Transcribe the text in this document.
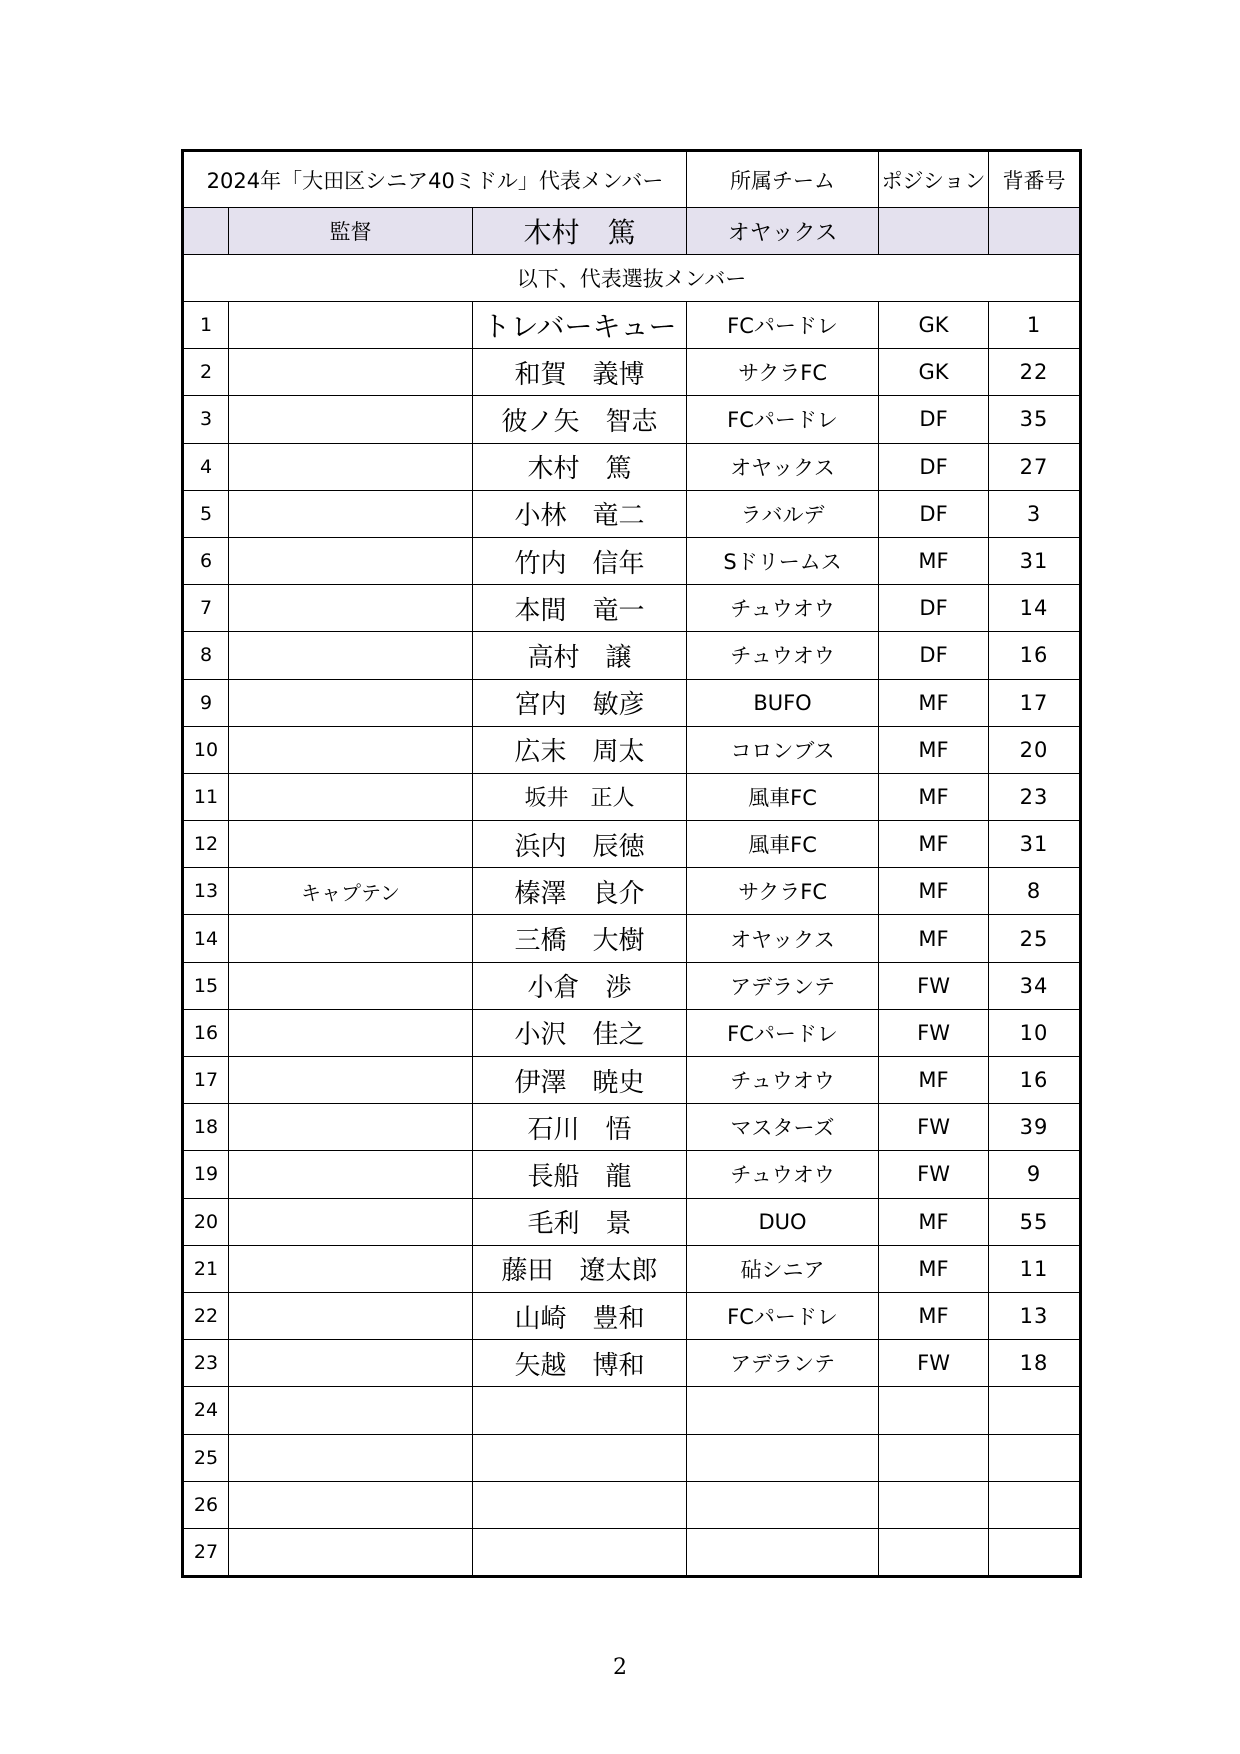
2024年「大田区シニア40ミドル」代表メンバー			所属チーム	ポジション	背番号
	監督	木村　篤	オヤックス		
以下、代表選抜メンバー					
1		トレバーキュー	FCパードレ	GK	1
2		和賀　義博	サクラFC	GK	22
3		彼ノ矢　智志	FCパードレ	DF	35
4		木村　篤	オヤックス	DF	27
5		小林　竜二	ラバルデ	DF	3
6		竹内　信年	Sドリームス	MF	31
7		本間　竜一	チュウオウ	DF	14
8		高村　譲	チュウオウ	DF	16
9		宮内　敏彦	BUFO	MF	17
10		広末　周太	コロンブス	MF	20
11		坂井　正人	風車FC	MF	23
12		浜内　辰徳	風車FC	MF	31
13	キャプテン	榛澤　良介	サクラFC	MF	8
14		三橋　大樹	オヤックス	MF	25
15		小倉　渉	アデランテ	FW	34
16		小沢　佳之	FCパードレ	FW	10
17		伊澤　暁史	チュウオウ	MF	16
18		石川　悟	マスターズ	FW	39
19		長船　龍	チュウオウ	FW	9
20		毛利　景	DUO	MF	55
21		藤田　遼太郎	砧シニア	MF	11
22		山崎　豊和	FCパードレ	MF	13
23		矢越　博和	アデランテ	FW	18
24					
25					
26					
27					
2
